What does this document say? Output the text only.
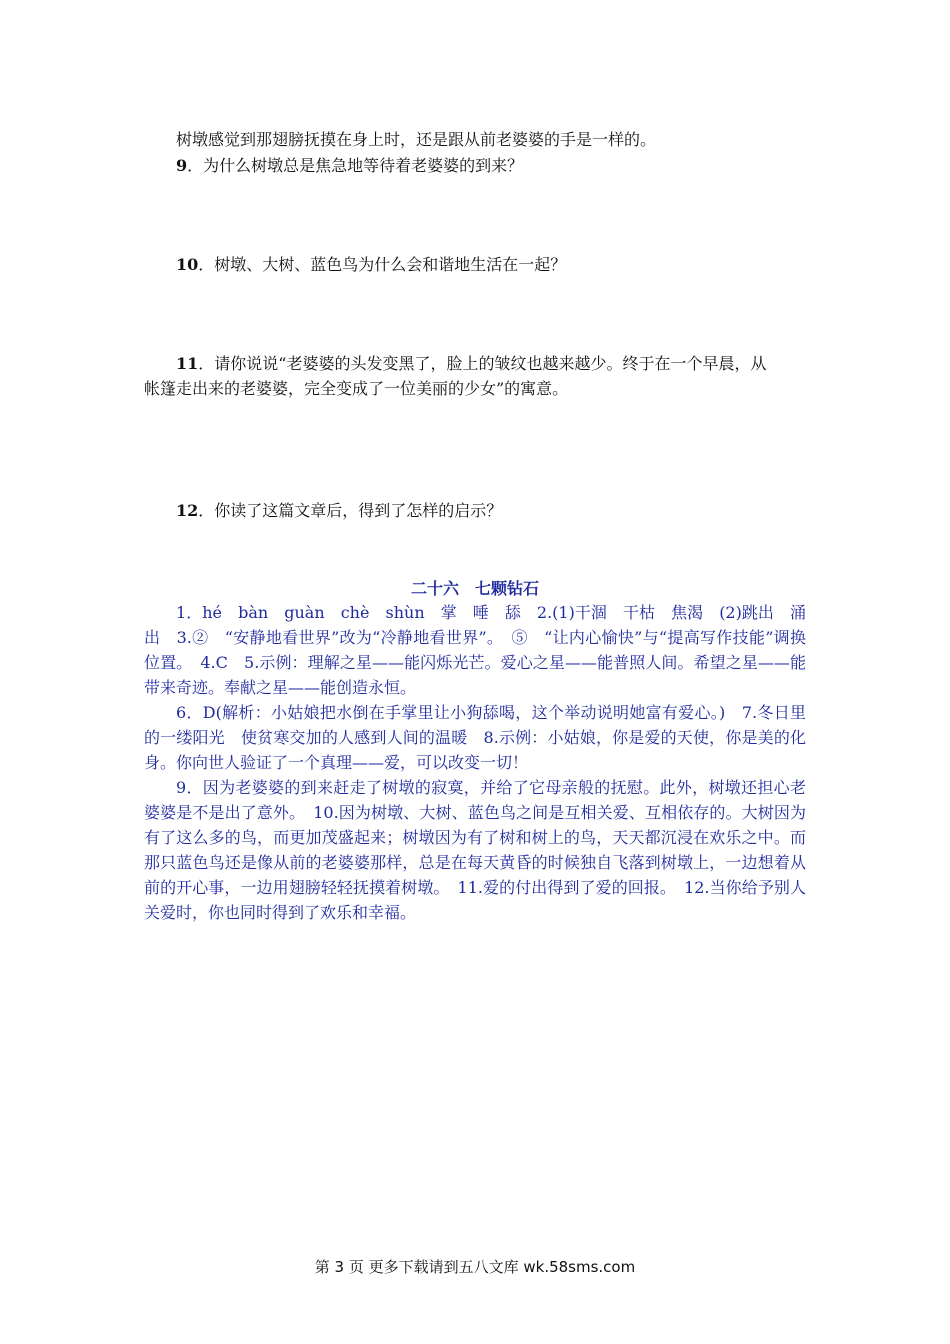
树墩感觉到那翅膀抚摸在身上时，还是跟从前老婆婆的手是一样的。
9．为什么树墩总是焦急地等待着老婆婆的到来？
10．树墩、大树、蓝色鸟为什么会和谐地生活在一起？
11．请你说说“老婆婆的头发变黑了，脸上的皱纹也越来越少。终于在一个早晨，从
帐篷走出来的老婆婆，完全变成了一位美丽的少女”的寓意。
12．你读了这篇文章后，得到了怎样的启示？
二十六　七颗钻石
1．hé　bàn　guàn　chè　shùn　掌　唾　舔　2.(1)干涸　干枯　焦渴　(2)跳出　涌出　3.②　“安静地看世界”改为“冷静地看世界”。　⑤　“让内心愉快”与“提高写作技能”调换位置。　4.C　5.示例：理解之星——能闪烁光芒。爱心之星——能普照人间。希望之星——能带来奇迹。奉献之星——能创造永恒。
6．D(解析：小姑娘把水倒在手掌里让小狗舔喝，这个举动说明她富有爱心。)　7.冬日里的一缕阳光　使贫寒交加的人感到人间的温暖　8.示例：小姑娘，你是爱的天使，你是美的化身。你向世人验证了一个真理——爱，可以改变一切！
9．因为老婆婆的到来赶走了树墩的寂寞，并给了它母亲般的抚慰。此外，树墩还担心老婆婆是不是出了意外。　10.因为树墩、大树、蓝色鸟之间是互相关爱、互相依存的。大树因为有了这么多的鸟，而更加茂盛起来；树墩因为有了树和树上的鸟，天天都沉浸在欢乐之中。而那只蓝色鸟还是像从前的老婆婆那样，总是在每天黄昏的时候独自飞落到树墩上，一边想着从前的开心事，一边用翅膀轻轻抚摸着树墩。　11.爱的付出得到了爱的回报。　12.当你给予别人关爱时，你也同时得到了欢乐和幸福。
第 3 页 更多下载请到五八文库 wk.58sms.com
